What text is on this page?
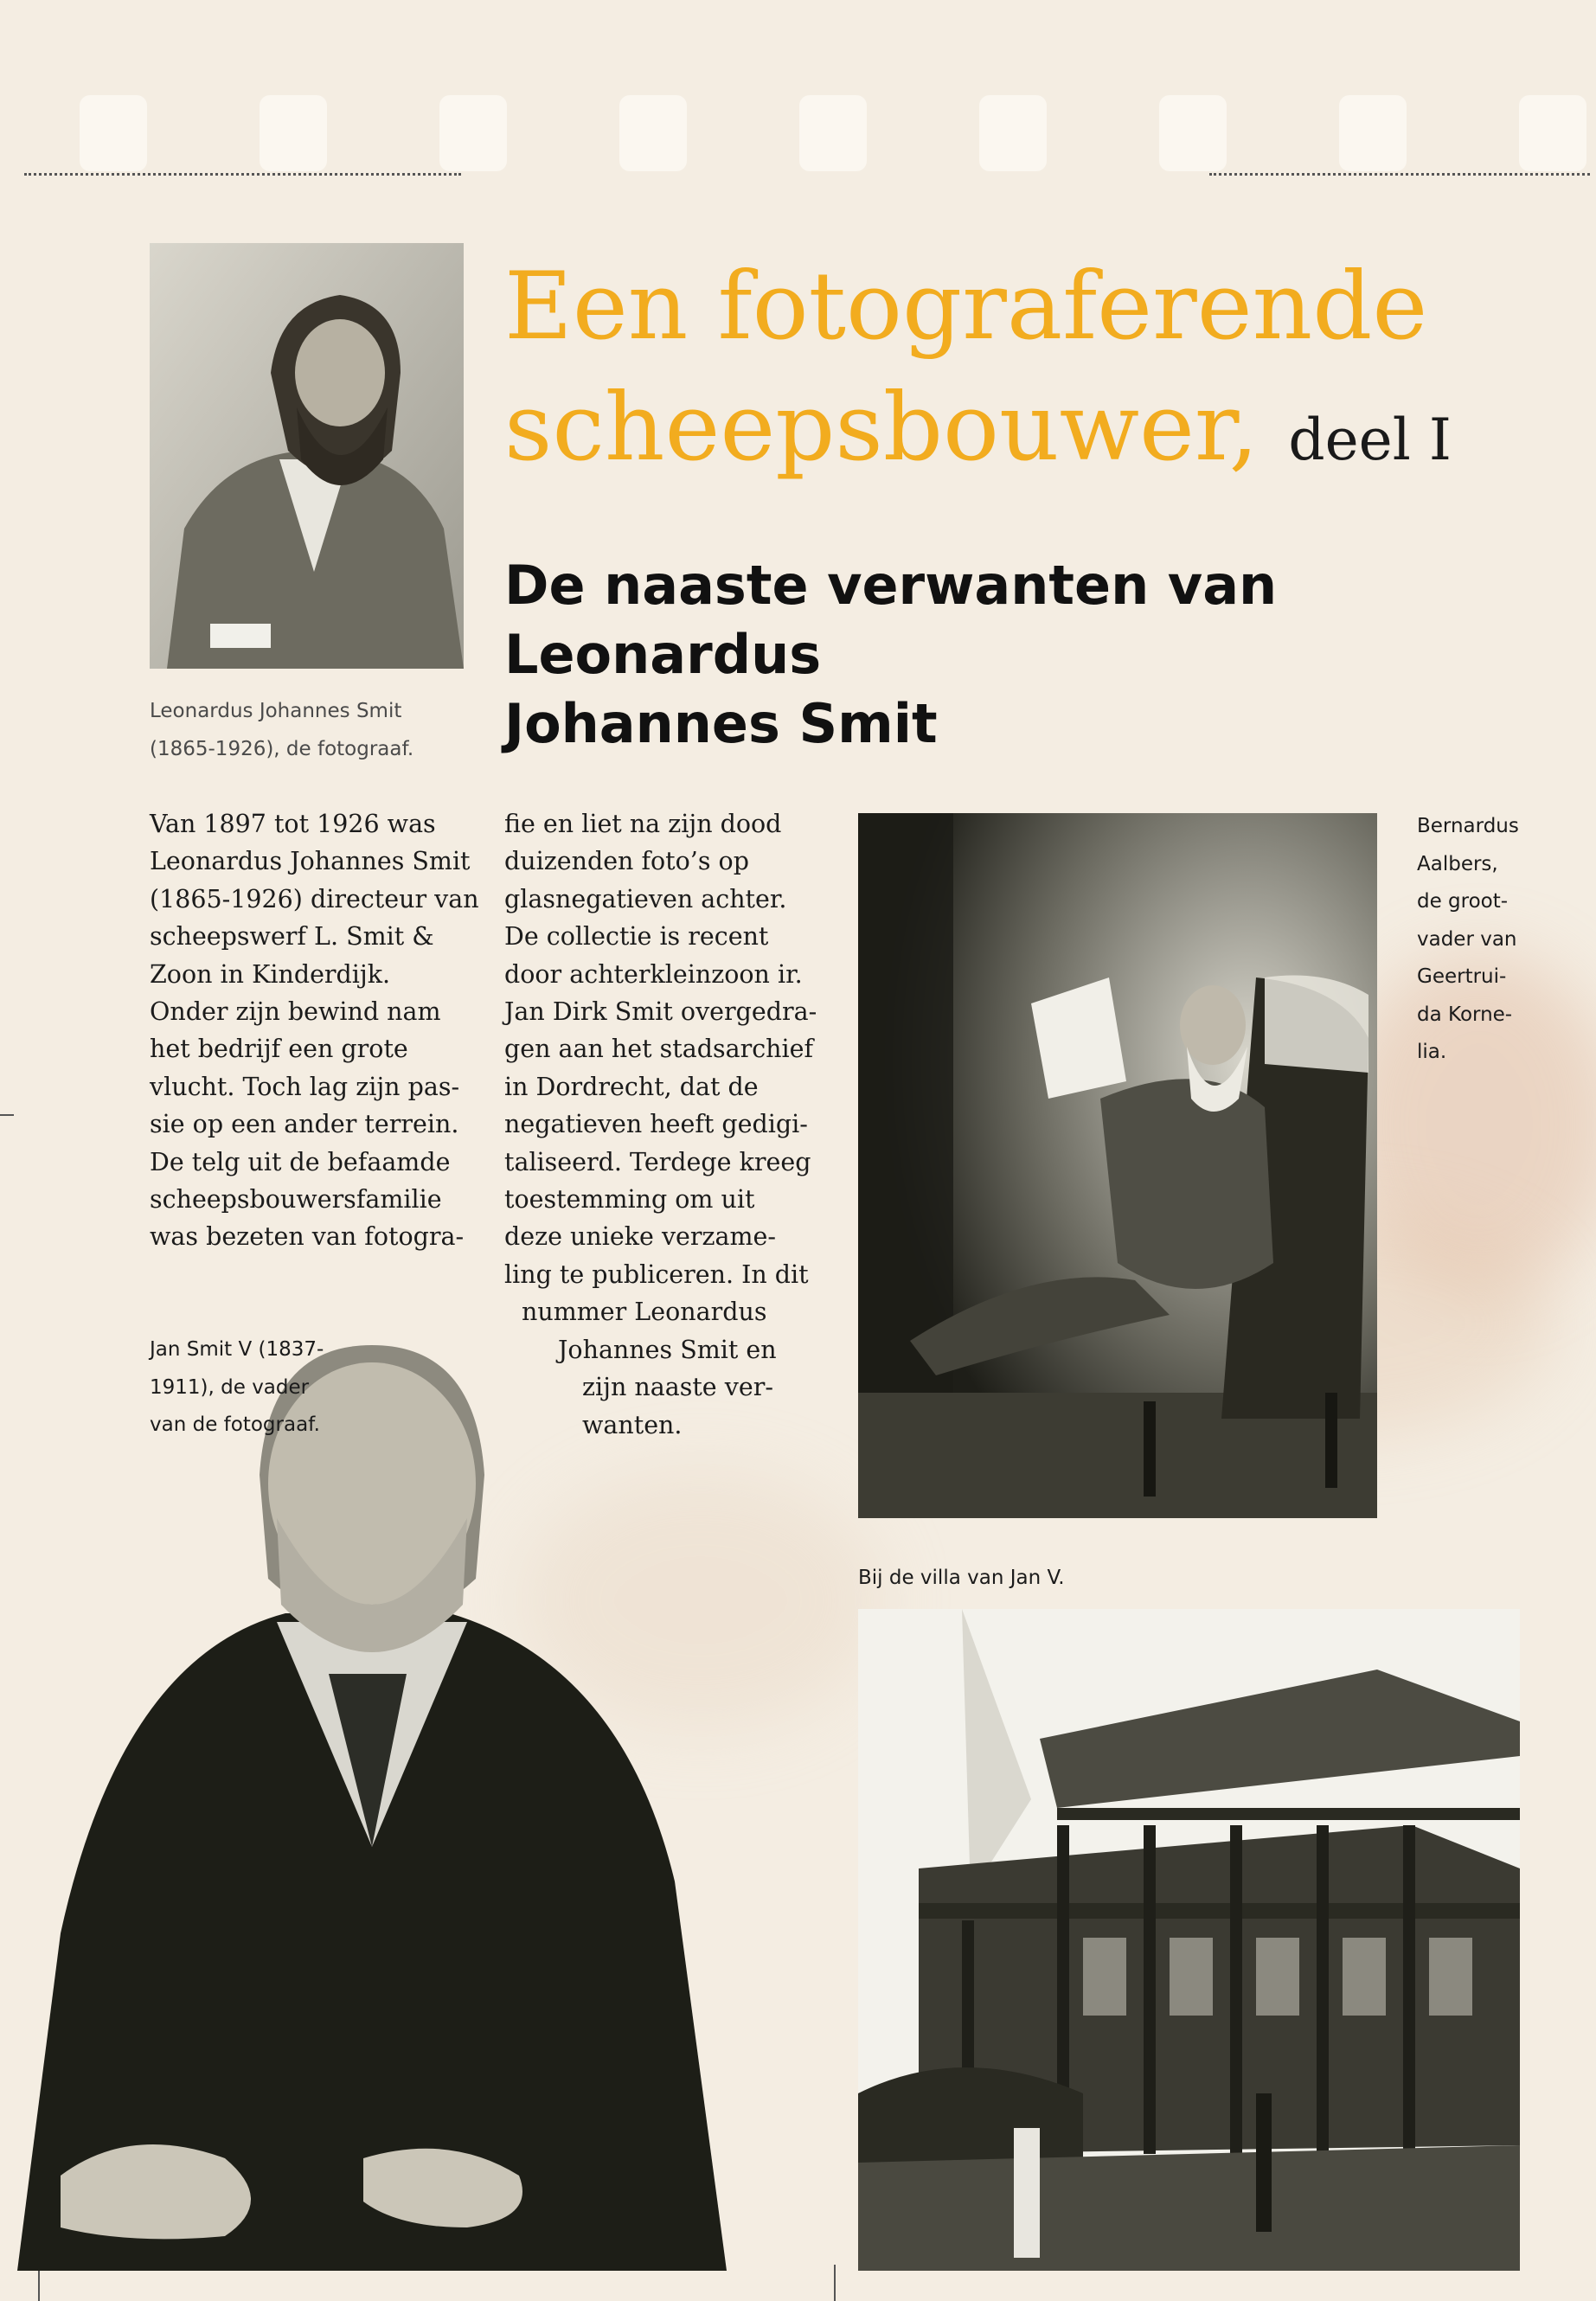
Een fotograferende
scheepsbouwer, deel I
De naaste verwanten van Leonardus
Johannes Smit
Leonardus Johannes Smit
(1865-1926), de fotograaf.
Van 1897 tot 1926 was
Leonardus Johannes Smit
(1865-1926) directeur van
scheepswerf L. Smit &
Zoon in Kinderdijk.
Onder zijn bewind nam
het bedrijf een grote
vlucht. Toch lag zijn pas-
sie op een ander terrein.
De telg uit de befaamde
scheepsbouwersfamilie
was bezeten van fotogra-
fie en liet na zijn dood
duizenden foto’s op
glasnegatieven achter.
De collectie is recent
door achterkleinzoon ir.
Jan Dirk Smit overgedra-
gen aan het stadsarchief
in Dordrecht, dat de
negatieven heeft gedigi-
taliseerd. Terdege kreeg
toestemming om uit
deze unieke verzame-
ling te publiceren. In dit
nummer Leonardus
Johannes Smit en
zijn naaste ver-
wanten.
Jan Smit V (1837-
1911), de vader
van de fotograaf.
Bernardus
Aalbers,
de groot-
vader van
Geertrui-
da Korne-
lia.
Bij de villa van Jan V.
